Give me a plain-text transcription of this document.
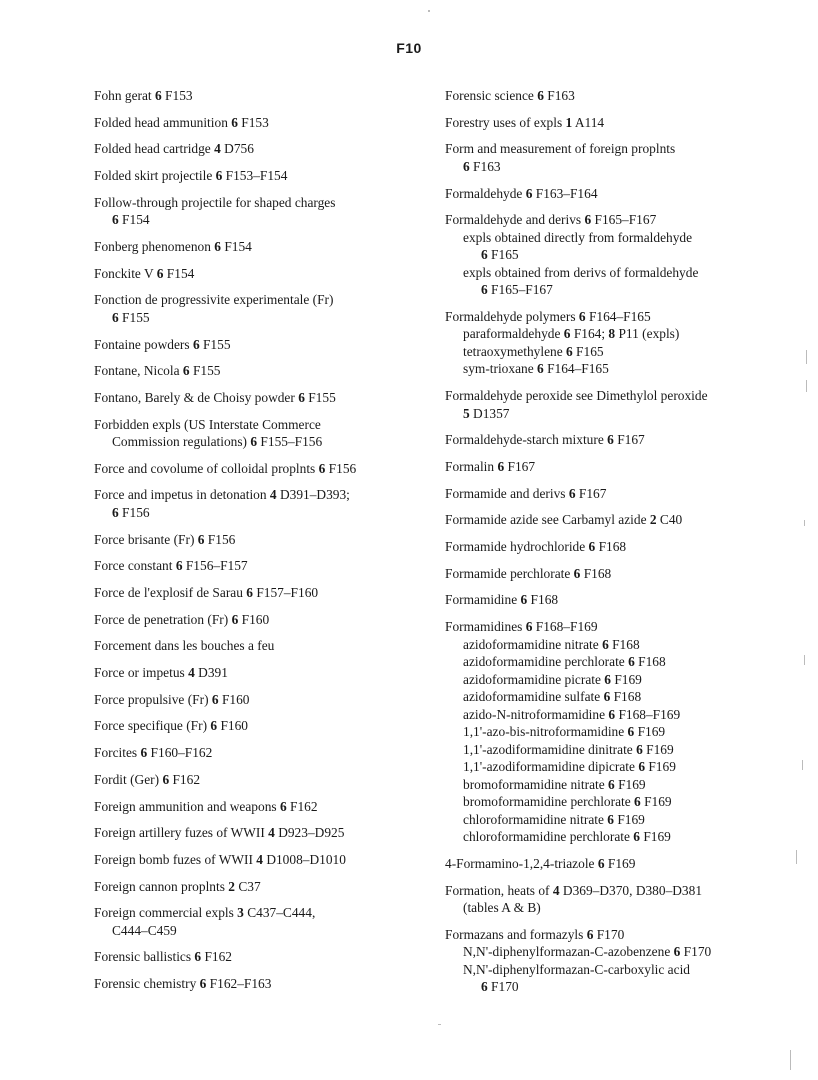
F10
Fohn gerat 6 F153
Folded head ammunition 6 F153
Folded head cartridge 4 D756
Folded skirt projectile 6 F153–F154
Follow-through projectile for shaped charges
6 F154
Fonberg phenomenon 6 F154
Fonckite V 6 F154
Fonction de progressivite experimentale (Fr)
6 F155
Fontaine powders 6 F155
Fontane, Nicola 6 F155
Fontano, Barely & de Choisy powder 6 F155
Forbidden expls (US Interstate Commerce
Commission regulations) 6 F155–F156
Force and covolume of colloidal proplnts 6 F156
Force and impetus in detonation 4 D391–D393;
6 F156
Force brisante (Fr) 6 F156
Force constant 6 F156–F157
Force de l'explosif de Sarau 6 F157–F160
Force de penetration (Fr) 6 F160
Forcement dans les bouches a feu
Force or impetus 4 D391
Force propulsive (Fr) 6 F160
Force specifique (Fr) 6 F160
Forcites 6 F160–F162
Fordit (Ger) 6 F162
Foreign ammunition and weapons 6 F162
Foreign artillery fuzes of WWII 4 D923–D925
Foreign bomb fuzes of WWII 4 D1008–D1010
Foreign cannon proplnts 2 C37
Foreign commercial expls 3 C437–C444,
C444–C459
Forensic ballistics 6 F162
Forensic chemistry 6 F162–F163
Forensic science 6 F163
Forestry uses of expls 1 A114
Form and measurement of foreign proplnts
6 F163
Formaldehyde 6 F163–F164
Formaldehyde and derivs 6 F165–F167
expls obtained directly from formaldehyde
6 F165
expls obtained from derivs of formaldehyde
6 F165–F167
Formaldehyde polymers 6 F164–F165
paraformaldehyde 6 F164; 8 P11 (expls)
tetraoxymethylene 6 F165
sym-trioxane 6 F164–F165
Formaldehyde peroxide see Dimethylol peroxide
5 D1357
Formaldehyde-starch mixture 6 F167
Formalin 6 F167
Formamide and derivs 6 F167
Formamide azide see Carbamyl azide 2 C40
Formamide hydrochloride 6 F168
Formamide perchlorate 6 F168
Formamidine 6 F168
Formamidines 6 F168–F169
azidoformamidine nitrate 6 F168
azidoformamidine perchlorate 6 F168
azidoformamidine picrate 6 F169
azidoformamidine sulfate 6 F168
azido-N-nitroformamidine 6 F168–F169
1,1'-azo-bis-nitroformamidine 6 F169
1,1'-azodiformamidine dinitrate 6 F169
1,1'-azodiformamidine dipicrate 6 F169
bromoformamidine nitrate 6 F169
bromoformamidine perchlorate 6 F169
chloroformamidine nitrate 6 F169
chloroformamidine perchlorate 6 F169
4-Formamino-1,2,4-triazole 6 F169
Formation, heats of 4 D369–D370, D380–D381
(tables A & B)
Formazans and formazyls 6 F170
N,N'-diphenylformazan-C-azobenzene 6 F170
N,N'-diphenylformazan-C-carboxylic acid
6 F170
